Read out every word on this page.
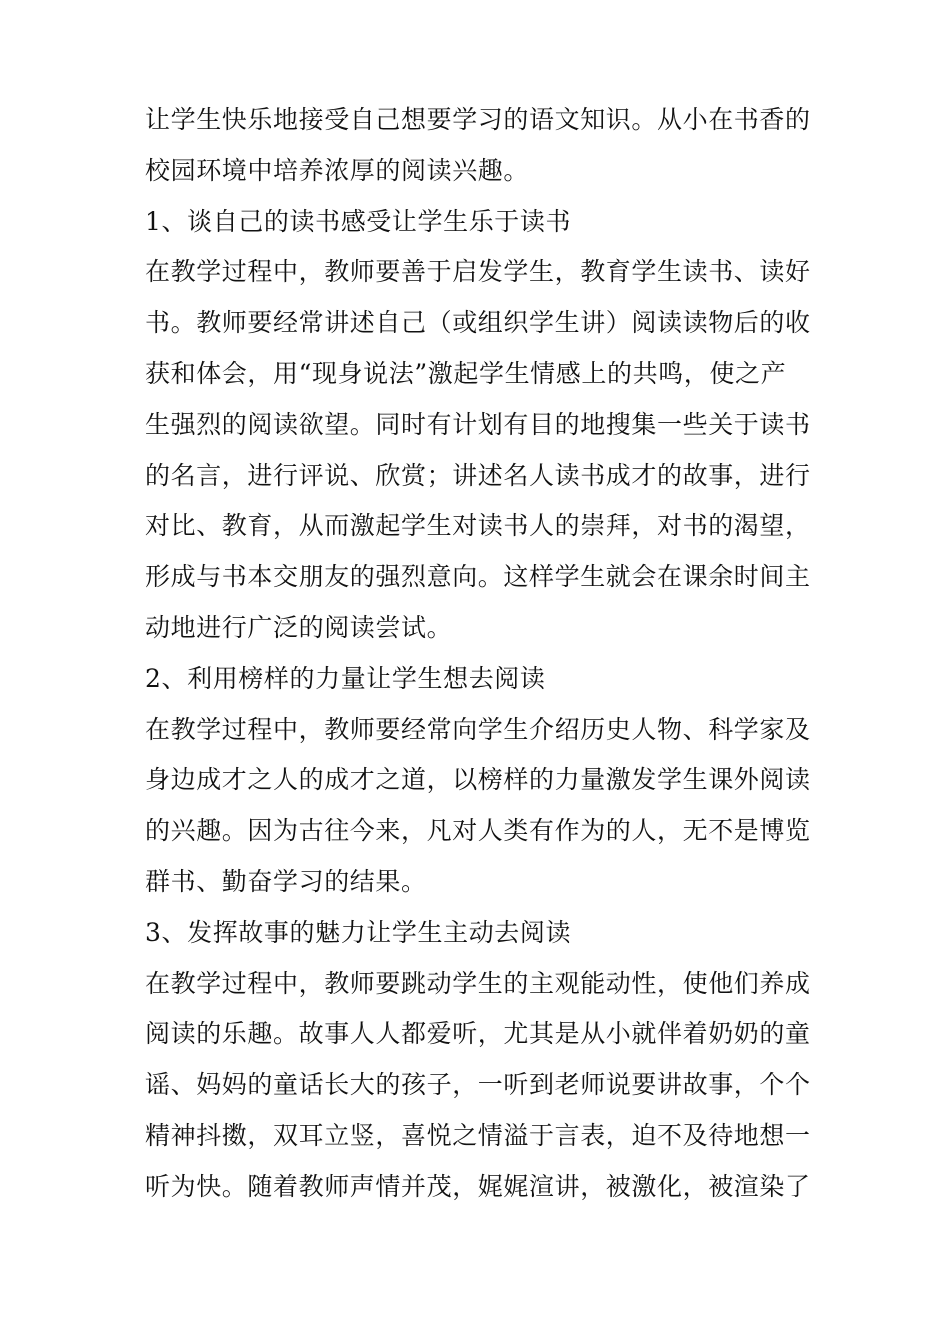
让学生快乐地接受自己想要学习的语文知识。从小在书香的
校园环境中培养浓厚的阅读兴趣。
1、谈自己的读书感受让学生乐于读书
在教学过程中，教师要善于启发学生，教育学生读书、读好
书。教师要经常讲述自己（或组织学生讲）阅读读物后的收
获和体会，用“现身说法”激起学生情感上的共鸣，使之产
生强烈的阅读欲望。同时有计划有目的地搜集一些关于读书
的名言，进行评说、欣赏；讲述名人读书成才的故事，进行
对比、教育，从而激起学生对读书人的崇拜，对书的渴望，
形成与书本交朋友的强烈意向。这样学生就会在课余时间主
动地进行广泛的阅读尝试。
2、利用榜样的力量让学生想去阅读
在教学过程中，教师要经常向学生介绍历史人物、科学家及
身边成才之人的成才之道，以榜样的力量激发学生课外阅读
的兴趣。因为古往今来，凡对人类有作为的人，无不是博览
群书、勤奋学习的结果。
3、发挥故事的魅力让学生主动去阅读
在教学过程中，教师要跳动学生的主观能动性，使他们养成
阅读的乐趣。故事人人都爱听，尤其是从小就伴着奶奶的童
谣、妈妈的童话长大的孩子，一听到老师说要讲故事，个个
精神抖擞，双耳立竖，喜悦之情溢于言表，迫不及待地想一
听为快。随着教师声情并茂，娓娓渲讲，被激化，被渲染了
